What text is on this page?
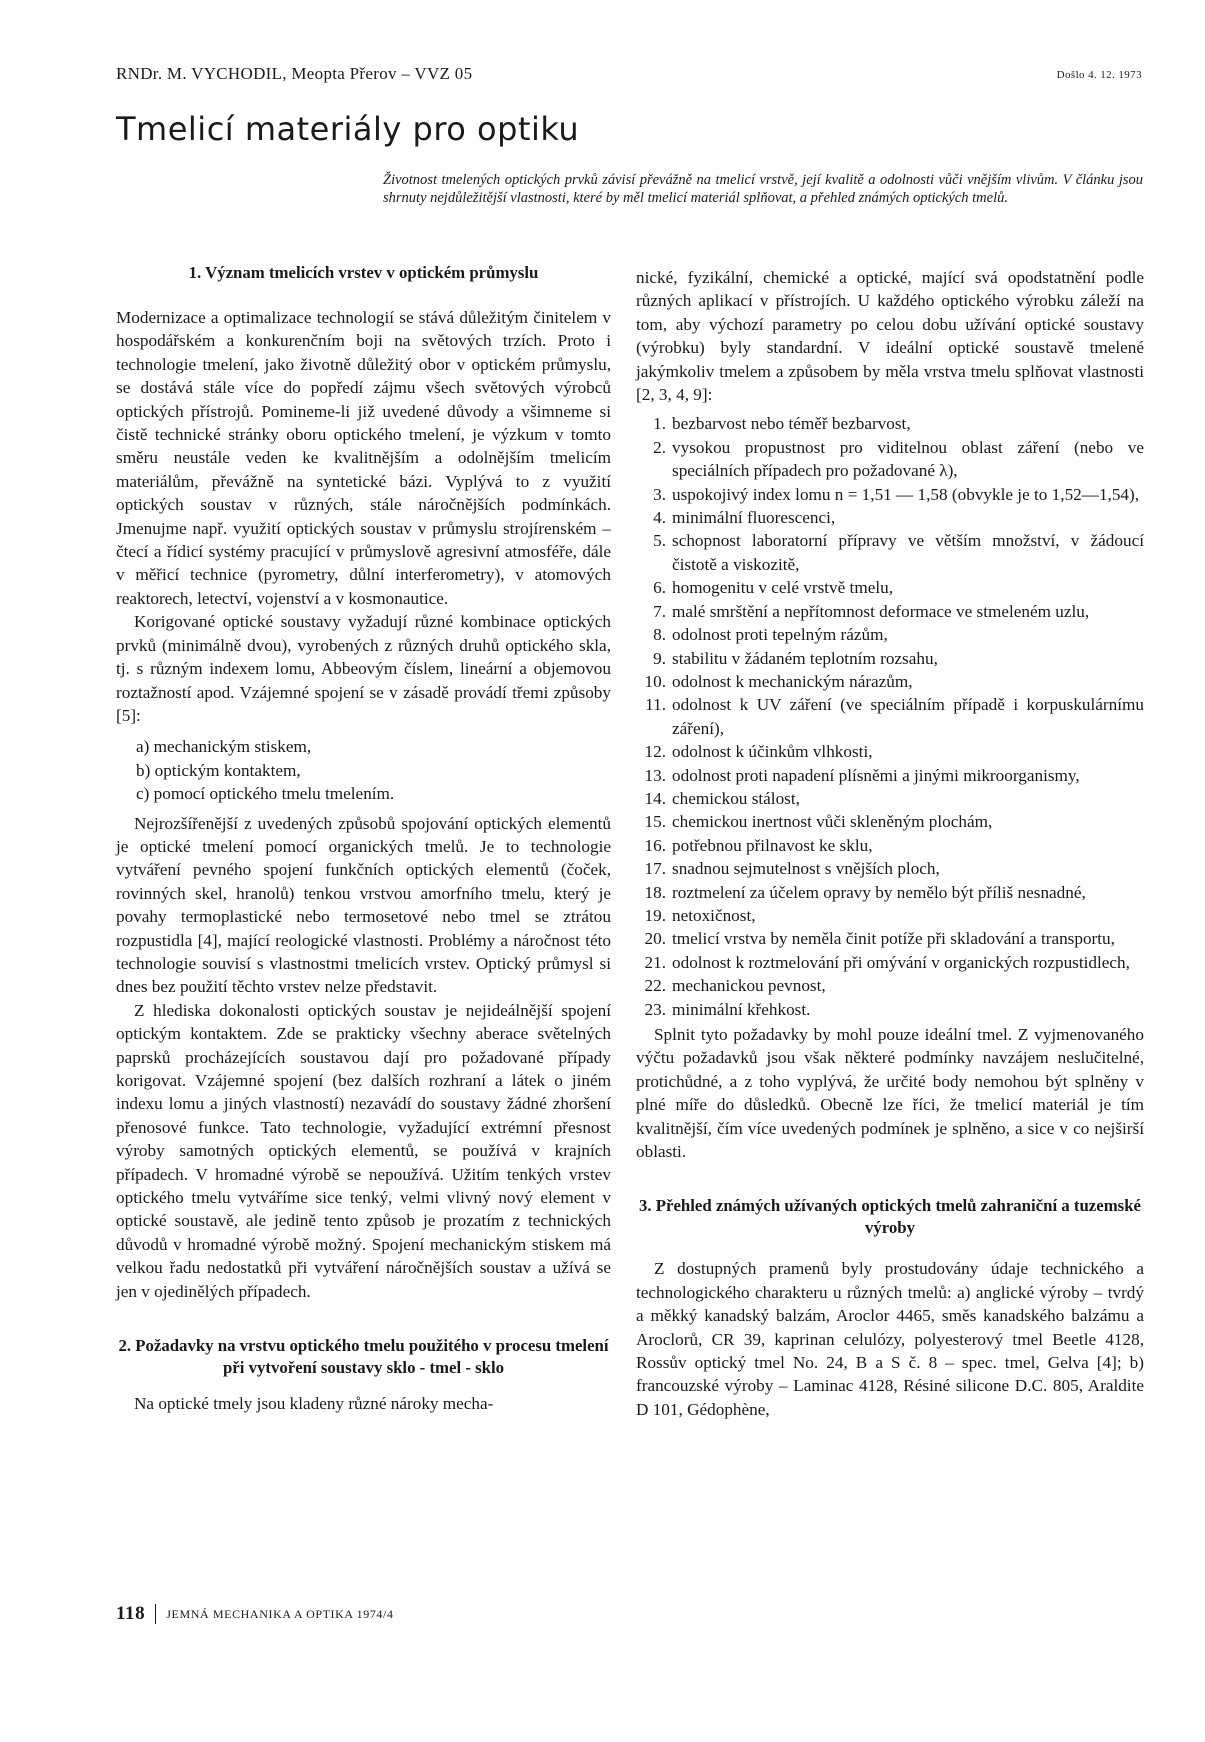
RNDr. M. VYCHODIL, Meopta Přerov – VVZ 05	Došlo 4. 12. 1973
Tmelicí materiály pro optiku

Životnost tmelených optických prvků závisí převážně na tmelicí vrstvě, její kvalitě a odolnosti vůči vnějším vlivům. V článku jsou shrnuty nejdůležitější vlastnosti, které by měl tmelicí materiál splňovat, a přehled známých optických tmelů.

1. Význam tmelicích vrstev v optickém průmyslu

Modernizace a optimalizace technologií se stává důležitým činitelem v hospodářském a konkurenčním boji na světových trzích. Proto i technologie tmelení, jako životně důležitý obor v optickém průmyslu, se dostává stále více do popředí zájmu všech světových výrobců optických přístrojů. Pomineme-li již uvedené důvody a všimneme si čistě technické stránky oboru optického tmelení, je výzkum v tomto směru neustále veden ke kvalitnějším a odolnějším tmelicím materiálům, převážně na syntetické bázi. Vyplývá to z využití optických soustav v různých, stále náročnějších podmínkách. Jmenujme např. využití optických soustav v průmyslu strojírenském – čtecí a řídicí systémy pracující v průmyslově agresivní atmosféře, dále v měřicí technice (pyrometry, důlní interferometry), v atomových reaktorech, letectví, vojenství a v kosmonautice.

Korigované optické soustavy vyžadují různé kombinace optických prvků (minimálně dvou), vyrobených z různých druhů optického skla, tj. s různým indexem lomu, Abbeovým číslem, lineární a objemovou roztažností apod. Vzájemné spojení se v zásadě provádí třemi způsoby [5]:

a) mechanickým stiskem,
b) optickým kontaktem,
c) pomocí optického tmelu tmelením.

Nejrozšířenější z uvedených způsobů spojování optických elementů je optické tmelení pomocí organických tmelů. Je to technologie vytváření pevného spojení funkčních optických elementů (čoček, rovinných skel, hranolů) tenkou vrstvou amorfního tmelu, který je povahy termoplastické nebo termosetové nebo tmel se ztrátou rozpustidla [4], mající reologické vlastnosti. Problémy a náročnost této technologie souvisí s vlastnostmi tmelicích vrstev. Optický průmysl si dnes bez použití těchto vrstev nelze představit.

Z hlediska dokonalosti optických soustav je nejideálnější spojení optickým kontaktem. Zde se prakticky všechny aberace světelných paprsků procházejících soustavou dají pro požadované případy korigovat. Vzájemné spojení (bez dalších rozhraní a látek o jiném indexu lomu a jiných vlastností) nezavádí do soustavy žádné zhoršení přenosové funkce. Tato technologie, vyžadující extrémní přesnost výroby samotných optických elementů, se používá v krajních případech. V hromadné výrobě se nepoužívá. Užitím tenkých vrstev optického tmelu vytváříme sice tenký, velmi vlivný nový element v optické soustavě, ale jedině tento způsob je prozatím z technických důvodů v hromadné výrobě možný. Spojení mechanickým stiskem má velkou řadu nedostatků při vytváření náročnějších soustav a užívá se jen v ojedinělých případech.

2. Požadavky na vrstvu optického tmelu použitého v procesu tmelení při vytvoření soustavy sklo - tmel - sklo

Na optické tmely jsou kladeny různé nároky mecha-

nické, fyzikální, chemické a optické, mající svá opodstatnění podle různých aplikací v přístrojích. U každého optického výrobku záleží na tom, aby výchozí parametry po celou dobu užívání optické soustavy (výrobku) byly standardní. V ideální optické soustavě tmelené jakýmkoliv tmelem a způsobem by měla vrstva tmelu splňovat vlastnosti [2, 3, 4, 9]:

1. bezbarvost nebo téměř bezbarvost,
2. vysokou propustnost pro viditelnou oblast záření (nebo ve speciálních případech pro požadované λ),
3. uspokojivý index lomu n = 1,51 — 1,58 (obvykle je to 1,52—1,54),
4. minimální fluorescenci,
5. schopnost laboratorní přípravy ve větším množství, v žádoucí čistotě a viskozitě,
6. homogenitu v celé vrstvě tmelu,
7. malé smrštění a nepřítomnost deformace ve stmeleném uzlu,
8. odolnost proti tepelným rázům,
9. stabilitu v žádaném teplotním rozsahu,
10. odolnost k mechanickým nárazům,
11. odolnost k UV záření (ve speciálním případě i korpuskulárnímu záření),
12. odolnost k účinkům vlhkosti,
13. odolnost proti napadení plísněmi a jinými mikroorganismy,
14. chemickou stálost,
15. chemickou inertnost vůči skleněným plochám,
16. potřebnou přilnavost ke sklu,
17. snadnou sejmutelnost s vnějších ploch,
18. roztmelení za účelem opravy by nemělo být příliš nesnadné,
19. netoxičnost,
20. tmelicí vrstva by neměla činit potíže při skladování a transportu,
21. odolnost k roztmelování při omývání v organických rozpustidlech,
22. mechanickou pevnost,
23. minimální křehkost.

Splnit tyto požadavky by mohl pouze ideální tmel. Z vyjmenovaného výčtu požadavků jsou však některé podmínky navzájem neslučitelné, protichůdné, a z toho vyplývá, že určité body nemohou být splněny v plné míře do důsledků. Obecně lze říci, že tmelicí materiál je tím kvalitnější, čím více uvedených podmínek je splněno, a sice v co nejširší oblasti.

3. Přehled známých užívaných optických tmelů zahraniční a tuzemské výroby

Z dostupných pramenů byly prostudovány údaje technického a technologického charakteru u různých tmelů: a) anglické výroby – tvrdý a měkký kanadský balzám, Aroclor 4465, směs kanadského balzámu a Aroclorů, CR 39, kaprinan celulózy, polyesterový tmel Beetle 4128, Rossův optický tmel No. 24, B a S č. 8 – spec. tmel, Gelva [4]; b) francouzské výroby – Laminac 4128, Résiné silicone D.C. 805, Araldite D 101, Gédophène,

118 JEMNÁ MECHANIKA A OPTIKA 1974/4
